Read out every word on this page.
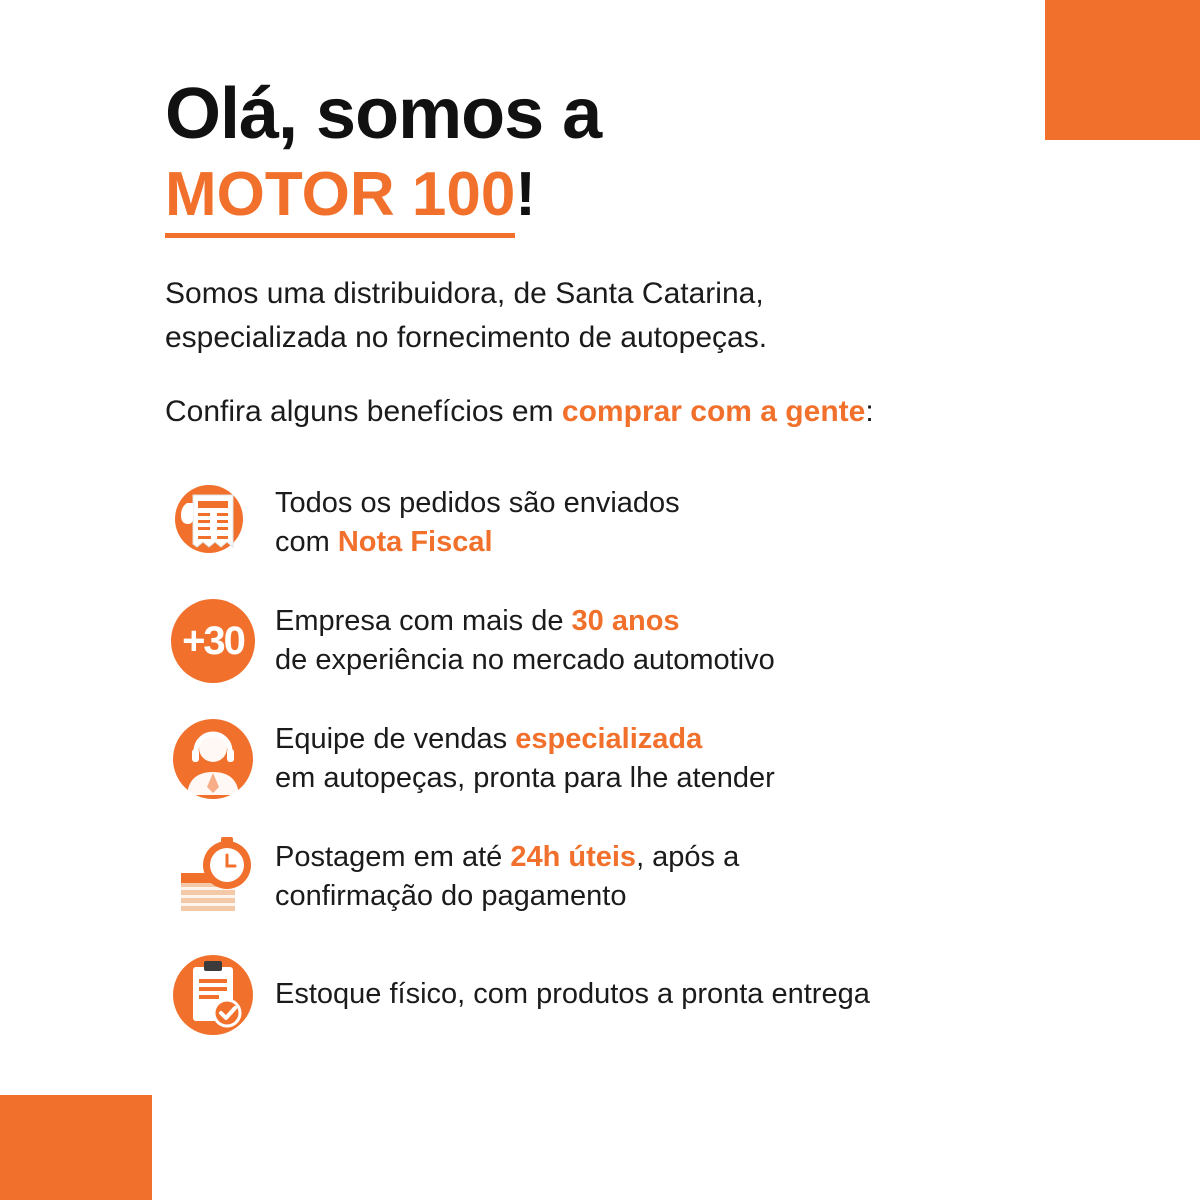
Olá, somos a
MOTOR 100!
Somos uma distribuidora, de Santa Catarina,
especializada no fornecimento de autopeças.
Confira alguns benefícios em comprar com a gente:
Todos os pedidos são enviados
com Nota Fiscal
+30 Empresa com mais de 30 anos
de experiência no mercado automotivo
Equipe de vendas especializada
em autopeças, pronta para lhe atender
Postagem em até 24h úteis, após a
confirmação do pagamento
Estoque físico, com produtos a pronta entrega
